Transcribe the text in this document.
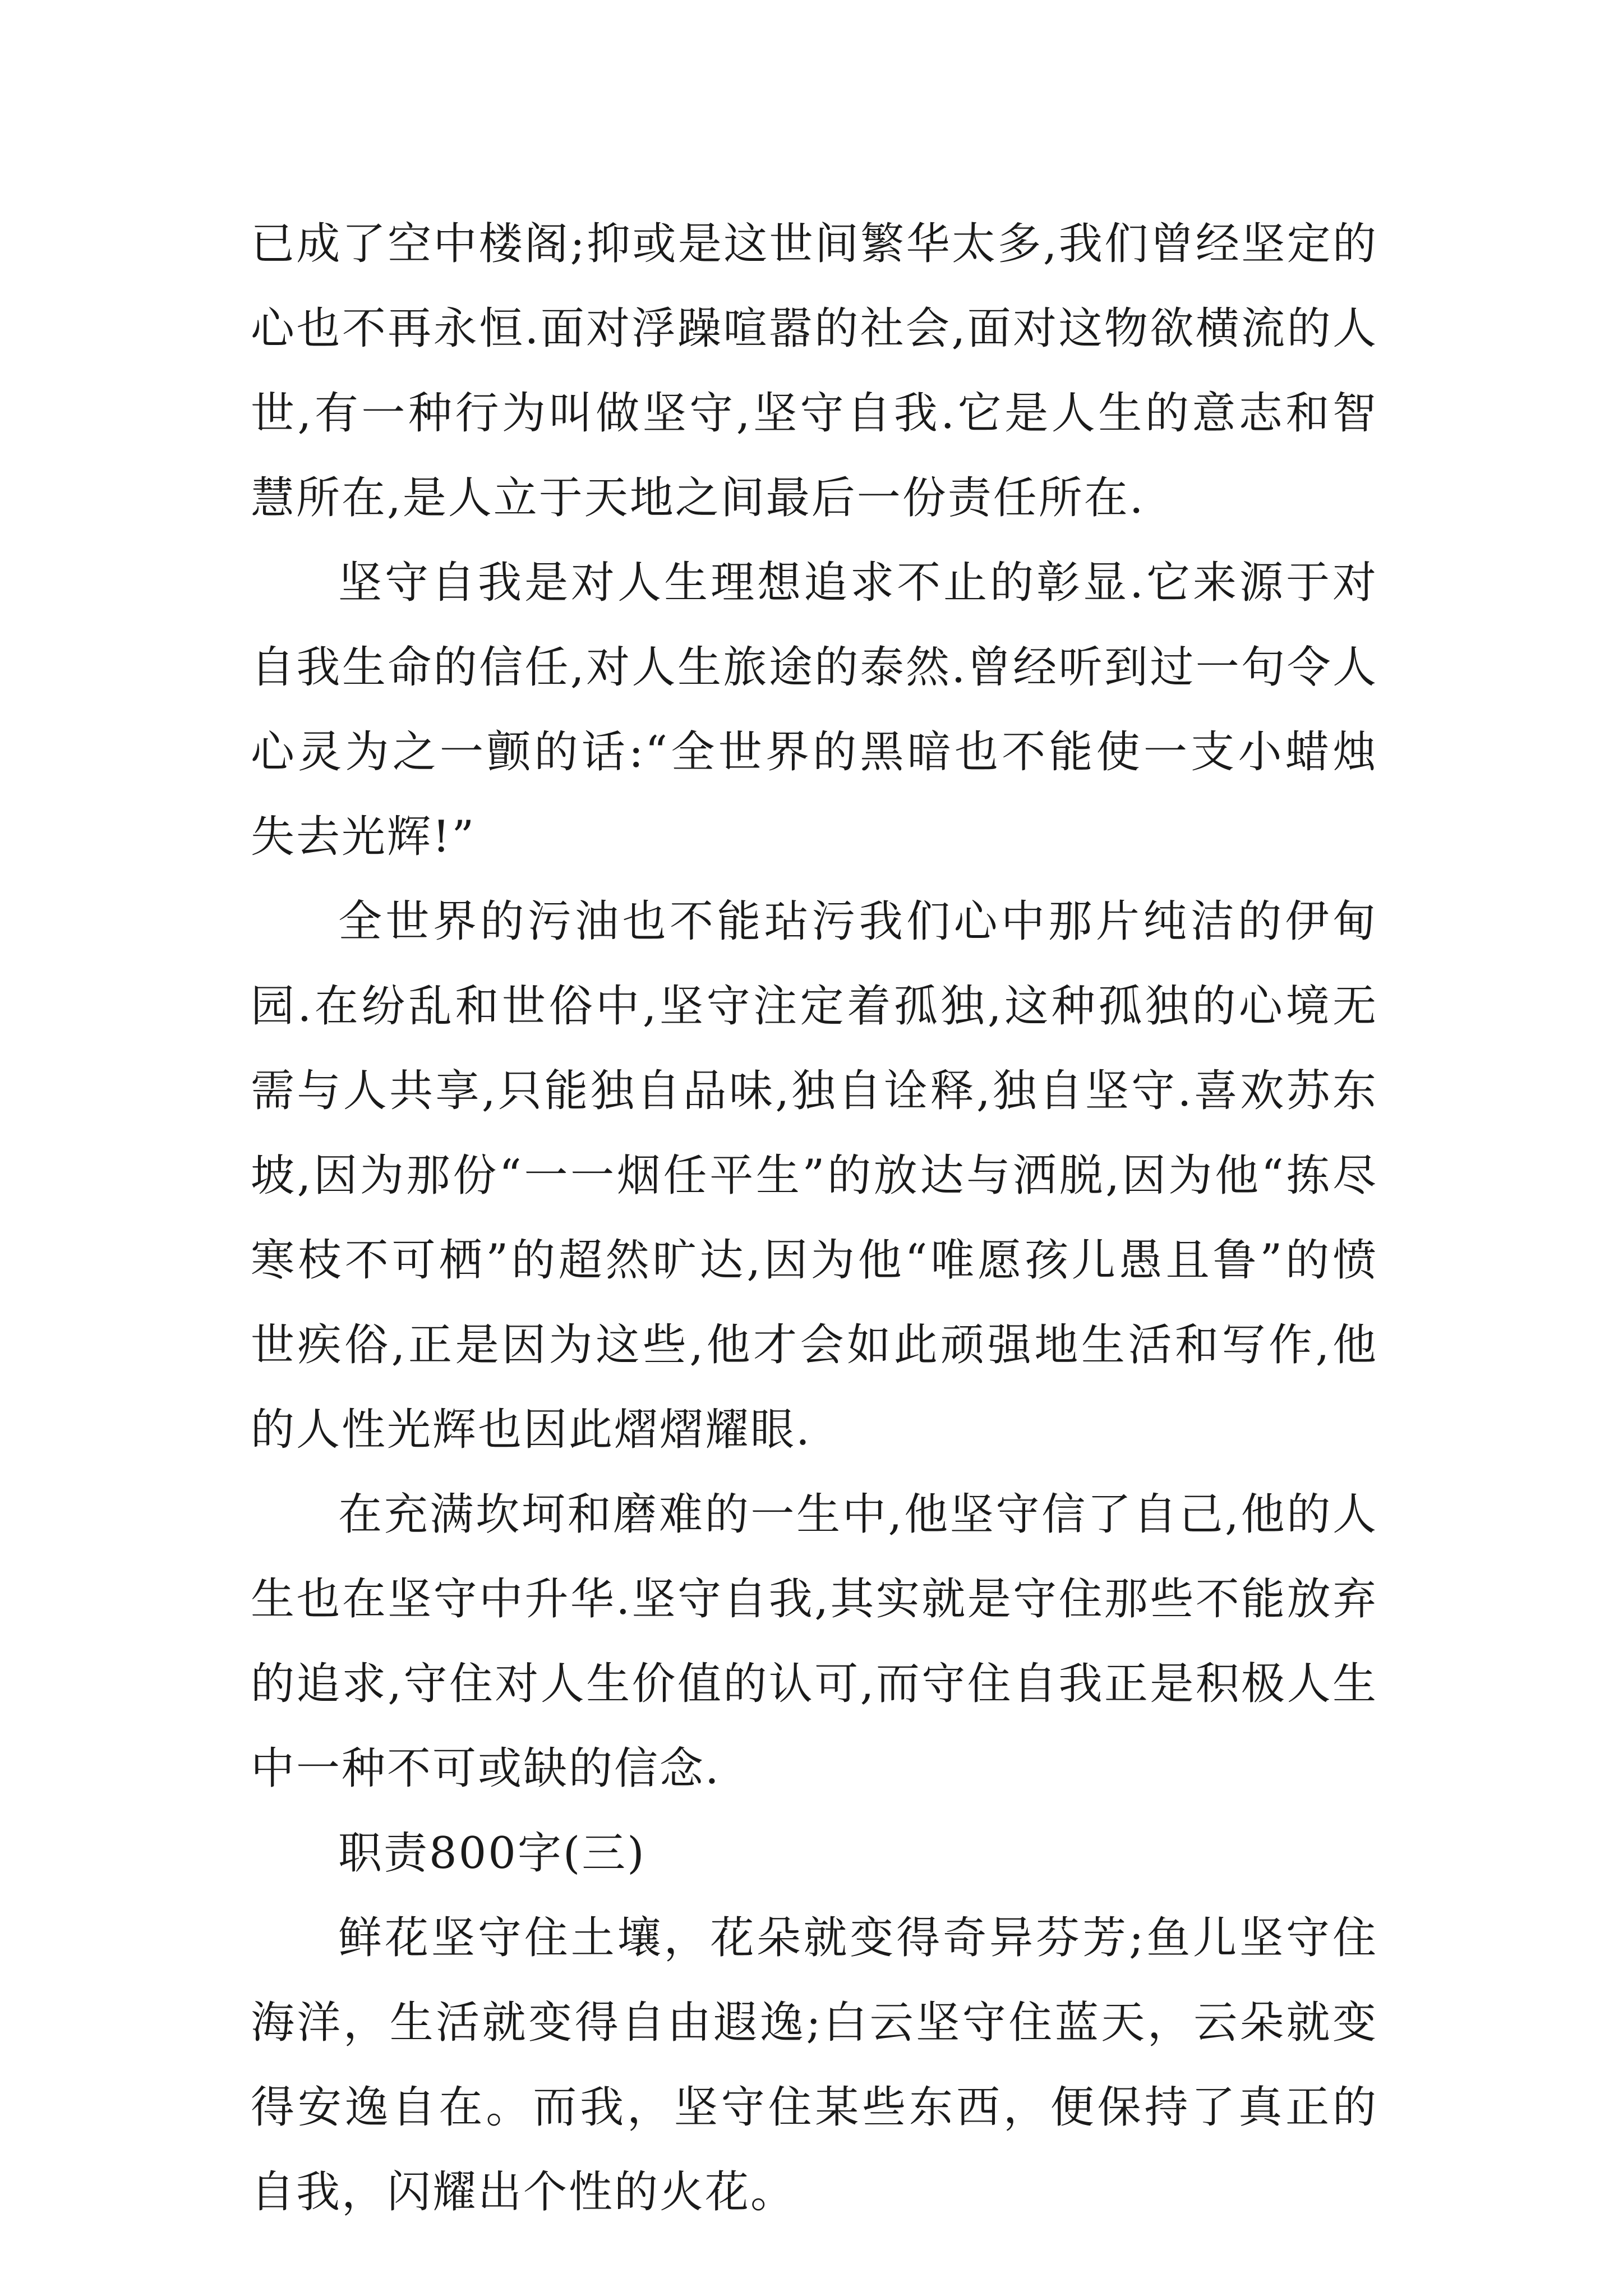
已成了空中楼阁;抑或是这世间繁华太多,我们曾经坚定的心也不再永恒.面对浮躁喧嚣的社会,面对这物欲横流的人世,有一种行为叫做坚守,坚守自我.它是人生的意志和智慧所在,是人立于天地之间最后一份责任所在.

坚守自我是对人生理想追求不止的彰显.它来源于对自我生命的信任,对人生旅途的泰然.曾经听到过一句令人心灵为之一颤的话:“全世界的黑暗也不能使一支小蜡烛失去光辉!”

全世界的污油也不能玷污我们心中那片纯洁的伊甸园.在纷乱和世俗中,坚守注定着孤独,这种孤独的心境无需与人共享,只能独自品味,独自诠释,独自坚守.喜欢苏东坡,因为那份“一一烟任平生”的放达与洒脱,因为他“拣尽寒枝不可栖”的超然旷达,因为他“唯愿孩儿愚且鲁”的愤世疾俗,正是因为这些,他才会如此顽强地生活和写作,他的人性光辉也因此熠熠耀眼.

在充满坎坷和磨难的一生中,他坚守信了自己,他的人生也在坚守中升华.坚守自我,其实就是守住那些不能放弃的追求,守住对人生价值的认可,而守住自我正是积极人生中一种不可或缺的信念.

职责800字(三)

鲜花坚守住土壤，花朵就变得奇异芬芳;鱼儿坚守住海洋，生活就变得自由遐逸;白云坚守住蓝天，云朵就变得安逸自在。而我，坚守住某些东西，便保持了真正的自我，闪耀出个性的火花。
